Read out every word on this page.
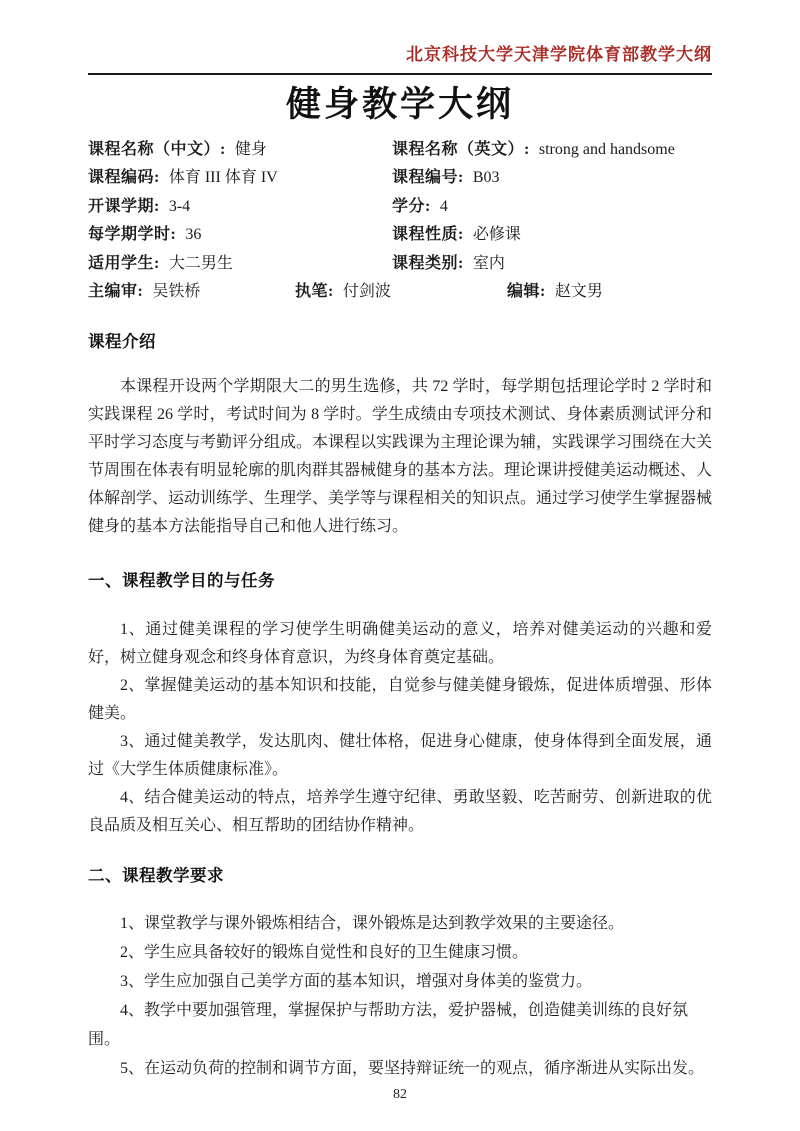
北京科技大学天津学院体育部教学大纲
健身教学大纲
课程名称（中文）: 健身	课程名称（英文）: strong and handsome
课程编码: 体育 III 体育 IV	课程编号: B03
开课学期: 3-4	学分: 4
每学期学时: 36	课程性质: 必修课
适用学生: 大二男生	课程类别: 室内
主编审: 吴铁桥	执笔: 付剑波	编辑: 赵文男
课程介绍

本课程开设两个学期限大二的男生选修，共 72 学时，每学期包括理论学时 2 学时和实践课程 26 学时，考试时间为 8 学时。学生成绩由专项技术测试、身体素质测试评分和平时学习态度与考勤评分组成。本课程以实践课为主理论课为辅，实践课学习围绕在大关节周围在体表有明显轮廓的肌肉群其器械健身的基本方法。理论课讲授健美运动概述、人体解剖学、运动训练学、生理学、美学等与课程相关的知识点。通过学习使学生掌握器械健身的基本方法能指导自己和他人进行练习。

一、课程教学目的与任务

1、通过健美课程的学习使学生明确健美运动的意义，培养对健美运动的兴趣和爱好，树立健身观念和终身体育意识，为终身体育奠定基础。

2、掌握健美运动的基本知识和技能，自觉参与健美健身锻炼，促进体质增强、形体健美。

3、通过健美教学，发达肌肉、健壮体格，促进身心健康，使身体得到全面发展，通过《大学生体质健康标准》。

4、结合健美运动的特点，培养学生遵守纪律、勇敢坚毅、吃苦耐劳、创新进取的优良品质及相互关心、相互帮助的团结协作精神。

二、课程教学要求

1、课堂教学与课外锻炼相结合，课外锻炼是达到教学效果的主要途径。

2、学生应具备较好的锻炼自觉性和良好的卫生健康习惯。

3、学生应加强自己美学方面的基本知识，增强对身体美的鉴赏力。

4、教学中要加强管理，掌握保护与帮助方法，爱护器械，创造健美训练的良好氛围。

5、在运动负荷的控制和调节方面，要坚持辩证统一的观点，循序渐进从实际出发。

82
